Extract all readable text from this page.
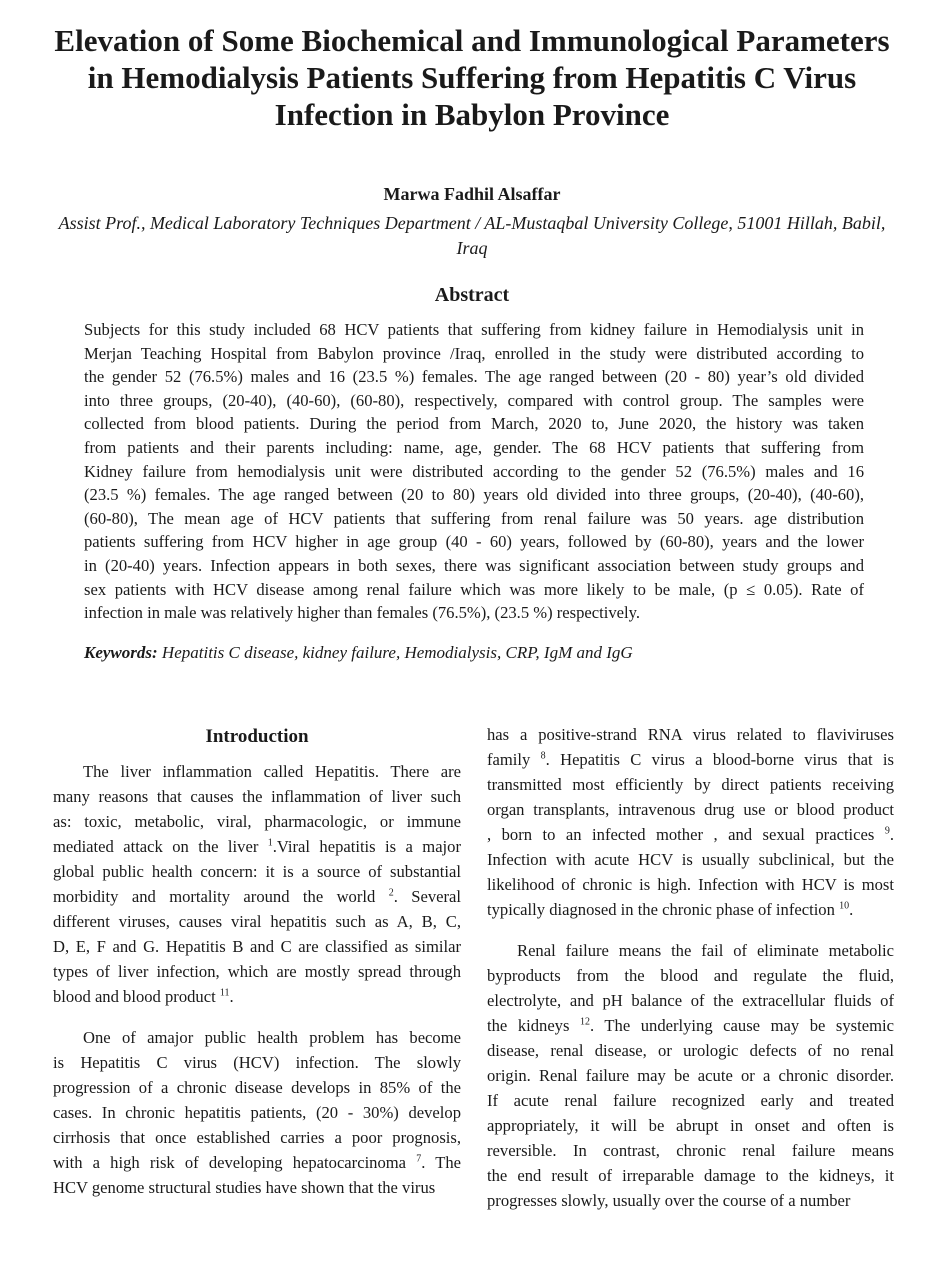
Elevation of Some Biochemical and Immunological Parameters
in Hemodialysis Patients Suffering from Hepatitis C Virus
Infection in Babylon Province
Marwa Fadhil Alsaffar
Assist Prof., Medical Laboratory Techniques Department / AL-Mustaqbal University College, 51001 Hillah, Babil,
Iraq
Abstract
Subjects for this study included 68 HCV patients that suffering from kidney failure in Hemodialysis unit in
Merjan Teaching Hospital from Babylon province /Iraq, enrolled in the study were distributed according to
the gender 52 (76.5%) males and 16 (23.5 %) females. The age ranged between (20 - 80) year’s old divided
into three groups, (20-40), (40-60), (60-80), respectively, compared with control group. The samples were
collected from blood patients. During the period from March, 2020 to, June 2020, the history was taken
from patients and their parents including: name, age, gender. The 68 HCV patients that suffering from
Kidney failure from hemodialysis unit were distributed according to the gender 52 (76.5%) males and 16
(23.5 %) females. The age ranged between (20 to 80) years old divided into three groups, (20-40), (40-60),
(60-80), The mean age of HCV patients that suffering from renal failure was 50 years. age distribution
patients suffering from HCV higher in age group (40 - 60) years, followed by (60-80), years and the lower
in (20-40) years. Infection appears in both sexes, there was significant association between study groups and
sex patients with HCV disease among renal failure which was more likely to be male, (p ≤ 0.05). Rate of
infection in male was relatively higher than females (76.5%), (23.5 %) respectively.
Keywords: Hepatitis C disease, kidney failure, Hemodialysis, CRP, IgM and IgG
Introduction
The liver inflammation called Hepatitis. There are
many reasons that causes the inflammation of liver such
as: toxic, metabolic, viral, pharmacologic, or immune
mediated attack on the liver $^1$.Viral hepatitis is a major
global public health concern: it is a source of substantial
morbidity and mortality around the world $^2$. Several
different viruses, causes viral hepatitis such as A, B, C,
D, E, F and G. Hepatitis B and C are classified as similar
types of liver infection, which are mostly spread through
blood and blood product $^{11}$.
One of amajor public health problem has become
is Hepatitis C virus (HCV) infection. The slowly
progression of a chronic disease develops in 85% of the
cases. In chronic hepatitis patients, (20 - 30%) develop
cirrhosis that once established carries a poor prognosis,
with a high risk of developing hepatocarcinoma $^7$. The
HCV genome structural studies have shown that the virus
has a positive-strand RNA virus related to flaviviruses
family $^8$. Hepatitis C virus a blood-borne virus that is
transmitted most efficiently by direct patients receiving
organ transplants, intravenous drug use or blood product
, born to an infected mother , and sexual practices $^9$.
Infection with acute HCV is usually subclinical, but the
likelihood of chronic is high. Infection with HCV is most
typically diagnosed in the chronic phase of infection $^{10}$.
Renal failure means the fail of eliminate metabolic
byproducts from the blood and regulate the fluid,
electrolyte, and pH balance of the extracellular fluids of
the kidneys $^{12}$. The underlying cause may be systemic
disease, renal disease, or urologic defects of no renal
origin. Renal failure may be acute or a chronic disorder.
If acute renal failure recognized early and treated
appropriately, it will be abrupt in onset and often is
reversible. In contrast, chronic renal failure means
the end result of irreparable damage to the kidneys, it
progresses slowly, usually over the course of a number
